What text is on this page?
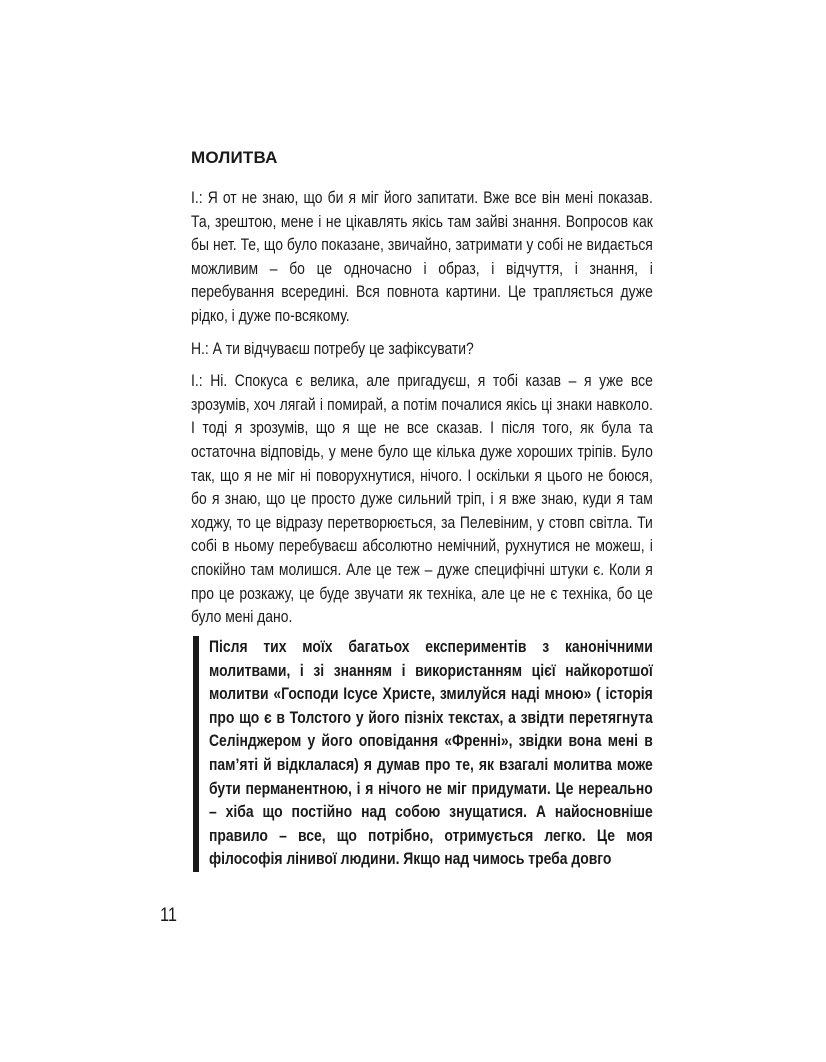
МОЛИТВА

І.: Я от не знаю, що би я міг його запитати. Вже все він мені показав. Та, зрештою, мене і не цікавлять якісь там зайві знання. Вопросов как бы нет. Те, що було показане, звичайно, затримати у собі не видається можливим – бо це одночасно і образ, і відчуття, і знання, і перебування всередині. Вся повнота картини. Це трапляється дуже рідко, і дуже по-всякому.

Н.: А ти відчуваєш потребу це зафіксувати?

І.: Ні. Спокуса є велика, але пригадуєш, я тобі казав – я уже все зрозумів, хоч лягай і помирай, а потім почалися якісь ці знаки навколо. І тоді я зрозумів, що я ще не все сказав. І після того, як була та остаточна відповідь, у мене було ще кілька дуже хороших тріпів. Було так, що я не міг ні поворухнутися, нічого. І оскільки я цього не боюся, бо я знаю, що це просто дуже сильний тріп, і я вже знаю, куди я там ходжу, то це відразу перетворюється, за Пелевіним, у стовп світла. Ти собі в ньому перебуваєш абсолютно немічний, рухнутися не можеш, і спокійно там молишся. Але це теж – дуже специфічні штуки є. Коли я про це розкажу, це буде звучати як техніка, але це не є техніка, бо це було мені дано.

Після тих моїх багатьох експериментів з канонічними молитвами, і зі знанням і використанням цієї найкоротшої молитви «Господи Ісусе Христе, змилуйся наді мною» ( історія про що є в Толстого у його пізніх текстах, а звідти перетягнута Селінджером у його оповідання «Френні», звідки вона мені в пам’яті й відклалася) я думав про те, як взагалі молитва може бути перманентною, і я нічого не міг придумати. Це нереально – хіба що постійно над собою знущатися. А найосновніше правило – все, що потрібно, отримується легко. Це моя філософія лінивої людини. Якщо над чимось треба довго

11
